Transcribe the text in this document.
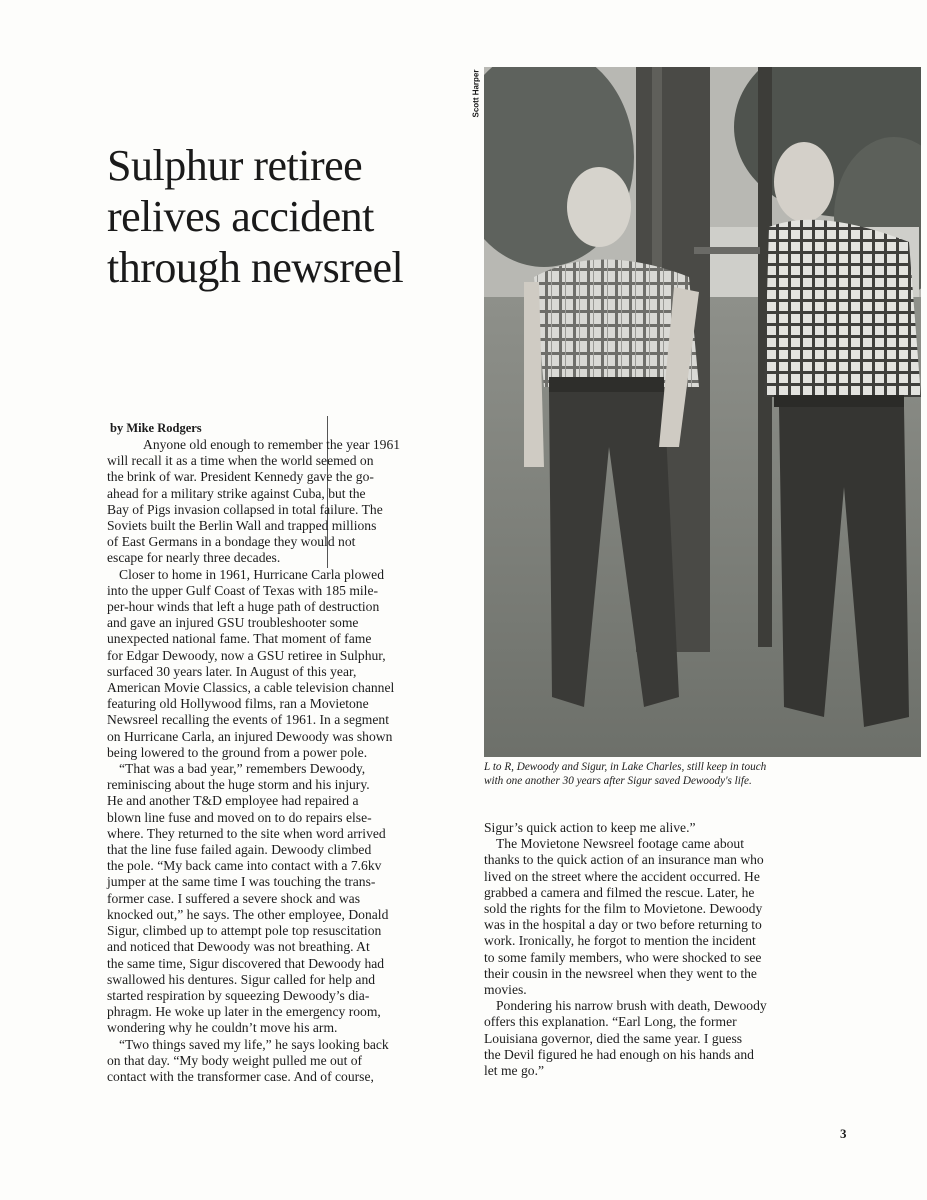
Sulphur retiree
relives accident
through newsreel
by Mike Rodgers

Anyone old enough to remember the year 1961

will recall it as a time when the world seemed on

the brink of war. President Kennedy gave the go-

ahead for a military strike against Cuba, but the

Bay of Pigs invasion collapsed in total failure. The

Soviets built the Berlin Wall and trapped millions

of East Germans in a bondage they would not

escape for nearly three decades.

Closer to home in 1961, Hurricane Carla plowed

into the upper Gulf Coast of Texas with 185 mile-

per-hour winds that left a huge path of destruction

and gave an injured GSU troubleshooter some

unexpected national fame. That moment of fame

for Edgar Dewoody, now a GSU retiree in Sulphur,

surfaced 30 years later. In August of this year,

American Movie Classics, a cable television channel

featuring old Hollywood films, ran a Movietone

Newsreel recalling the events of 1961. In a segment

on Hurricane Carla, an injured Dewoody was shown

being lowered to the ground from a power pole.

“That was a bad year,” remembers Dewoody,

reminiscing about the huge storm and his injury.

He and another T&D employee had repaired a

blown line fuse and moved on to do repairs else-

where. They returned to the site when word arrived

that the line fuse failed again. Dewoody climbed

the pole. “My back came into contact with a 7.6kv

jumper at the same time I was touching the trans-

former case. I suffered a severe shock and was

knocked out,” he says. The other employee, Donald

Sigur, climbed up to attempt pole top resuscitation

and noticed that Dewoody was not breathing. At

the same time, Sigur discovered that Dewoody had

swallowed his dentures. Sigur called for help and

started respiration by squeezing Dewoody’s dia-

phragm. He woke up later in the emergency room,

wondering why he couldn’t move his arm.

“Two things saved my life,” he says looking back

on that day. “My body weight pulled me out of

contact with the transformer case. And of course,

Scott Harper

L to R, Dewoody and Sigur, in Lake Charles, still keep in touch

with one another 30 years after Sigur saved Dewoody's life.

Sigur’s quick action to keep me alive.”

The Movietone Newsreel footage came about

thanks to the quick action of an insurance man who

lived on the street where the accident occurred. He

grabbed a camera and filmed the rescue. Later, he

sold the rights for the film to Movietone. Dewoody

was in the hospital a day or two before returning to

work. Ironically, he forgot to mention the incident

to some family members, who were shocked to see

their cousin in the newsreel when they went to the

movies.

Pondering his narrow brush with death, Dewoody

offers this explanation. “Earl Long, the former

Louisiana governor, died the same year. I guess

the Devil figured he had enough on his hands and

let me go.”

3
